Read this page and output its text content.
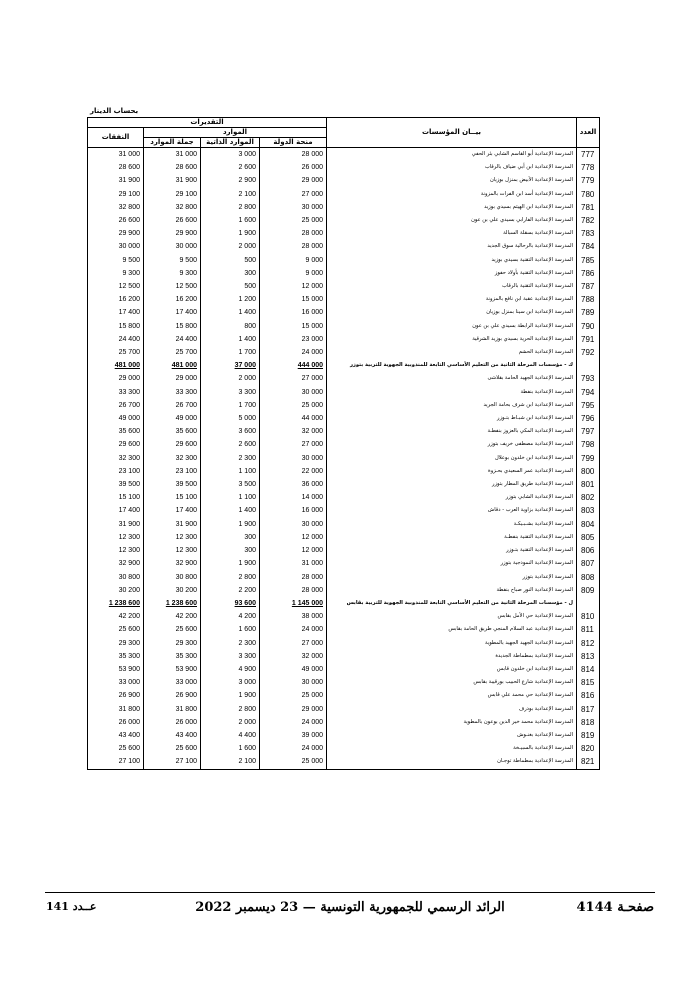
بحساب الدينار
التقديرات				بيــان المؤسسات	العدد
النفقات	الموارد				
	جملة الموارد	الموارد الذاتية	منحة الدولة		
31 000	31 000	3 000	28 000	المدرسة الإعدادية أبو القاسم الشابي بئر الحفي	777
28 600	28 600	2 600	26 000	المدرسة الإعدادية ابن أبي ضياف بالرقاب	778
31 900	31 900	2 900	29 000	المدرسة الإعدادية الأبيض بمنزل بوزيان	779
29 100	29 100	2 100	27 000	المدرسة الإعدادية أسد ابن الفرات بالمزونة	780
32 800	32 800	2 800	30 000	المدرسة الإعدادية ابن الهيثم بسيدي بوزيد	781
26 600	26 600	1 600	25 000	المدرسة الإعدادية الفارابي بسيدي علي بن عون	782
29 900	29 900	1 900	28 000	المدرسة الإعدادية بسقلة السبالة	783
30 000	30 000	2 000	28 000	المدرسة الإعدادية بالرحالية سوق الجديد	784
9 500	9 500	500	9 000	المدرسة الإعدادية التقنية بسيدي بوزيد	785
9 300	9 300	300	9 000	المدرسة الإعدادية التقنية بأولاد حفوز	786
12 500	12 500	500	12 000	المدرسة الإعدادية التقنية بالرقاب	787
16 200	16 200	1 200	15 000	المدرسة الإعدادية عقبة ابن نافع بالمزونة	788
17 400	17 400	1 400	16 000	المدرسة الإعدادية ابن سينا بمنزل بوزيان	789
15 800	15 800	800	15 000	المدرسة الإعدادية الرابطة بسيدي علي بن عون	790
24 400	24 400	1 400	23 000	المدرسة الإعدادية الحرية بسيدي بوزيد الشرقية	791
25 700	25 700	1 700	24 000	المدرسة الإعدادية الحشم	792
481 000	481 000	37 000	444 000	ك - مؤسسات المرحلة الثانية من التعليم الأساسي التابعة للمندوبية الجهوية للتربية بتوزر	
29 000	29 000	2 000	27 000	المدرسة الإعدادية الجهيد الحامة بقلاشى	793
33 300	33 300	3 300	30 000	المدرسة الإعدادية بنفطة	794
26 700	26 700	1 700	25 000	المدرسة الإعدادية ابن شرف بحامة الجريد	795
49 000	49 000	5 000	44 000	المدرسة الإعدادية ابن شبـاط بتـوزر	796
35 600	35 600	3 600	32 000	المدرسة الإعدادية المكي بالعزوز بنفطـة	797
29 600	29 600	2 600	27 000	المدرسة الإعدادية مصطفى خريف بتوزر	798
32 300	32 300	2 300	30 000	المدرسة الإعدادية ابن خلدون بوعلال	799
23 100	23 100	1 100	22 000	المدرسة الإعدادية عمر السعيدي بحـزوة	800
39 500	39 500	3 500	36 000	المدرسة الإعدادية طريق المطار بتوزر	801
15 100	15 100	1 100	14 000	المدرسة الإعدادية الشابي بتوزر	802
17 400	17 400	1 400	16 000	المدرسة الإعدادية بزاوية العرب - دقاش	803
31 900	31 900	1 900	30 000	المدرسة الإعدادية بشـبـيكـة	804
12 300	12 300	300	12 000	المدرسة الإعدادية التقنية بنفطـة	805
12 300	12 300	300	12 000	المدرسة الإعدادية التقنية بتـوزر	806
32 900	32 900	1 900	31 000	المدرسة الإعدادية النموذجية بتوزر	807
30 800	30 800	2 800	28 000	المدرسة الإعدادية بتوزر	808
30 200	30 200	2 200	28 000	المدرسة الإعدادية النور صباح بنفطة	809
1 238 600	1 238 600	93 600	1 145 000	ل - مؤسسات المرحلة الثانية من التعليم الأساسي التابعة للمندوبية الجهوية للتربية بقابس	
42 200	42 200	4 200	38 000	المدرسة الإعدادية حي الأمل بقابس	810
25 600	25 600	1 600	24 000	المدرسة الإعدادية عبد السلام المنجي طريق الحامة بقابس	811
29 300	29 300	2 300	27 000	المدرسة الإعدادية الجهيد الجهيد بالمطوية	812
35 300	35 300	3 300	32 000	المدرسة الإعدادية بمطماطة الجديدة	813
53 900	53 900	4 900	49 000	المدرسة الإعدادية ابن خلدون قابس	814
33 000	33 000	3 000	30 000	المدرسة الإعدادية شارع الحبيب بورقيبة بقابس	815
26 900	26 900	1 900	25 000	المدرسة الإعدادية حي محمد علي قابس	816
31 800	31 800	2 800	29 000	المدرسة الإعدادية بوذرف	817
26 000	26 000	2 000	24 000	المدرسة الإعدادية محمد خير الدين بوعون بالمطوية	818
43 400	43 400	4 400	39 000	المدرسة الإعدادية بغنـوش	819
25 600	25 600	1 600	24 000	المدرسة الإعدادية بالسبيـخة	820
27 100	27 100	2 100	25 000	المدرسة الإعدادية بمطماطة توجـان	821
صفحـة 4144
الرائد الرسمي للجمهورية التونسية — 23 ديسمبر 2022
عــدد 141
